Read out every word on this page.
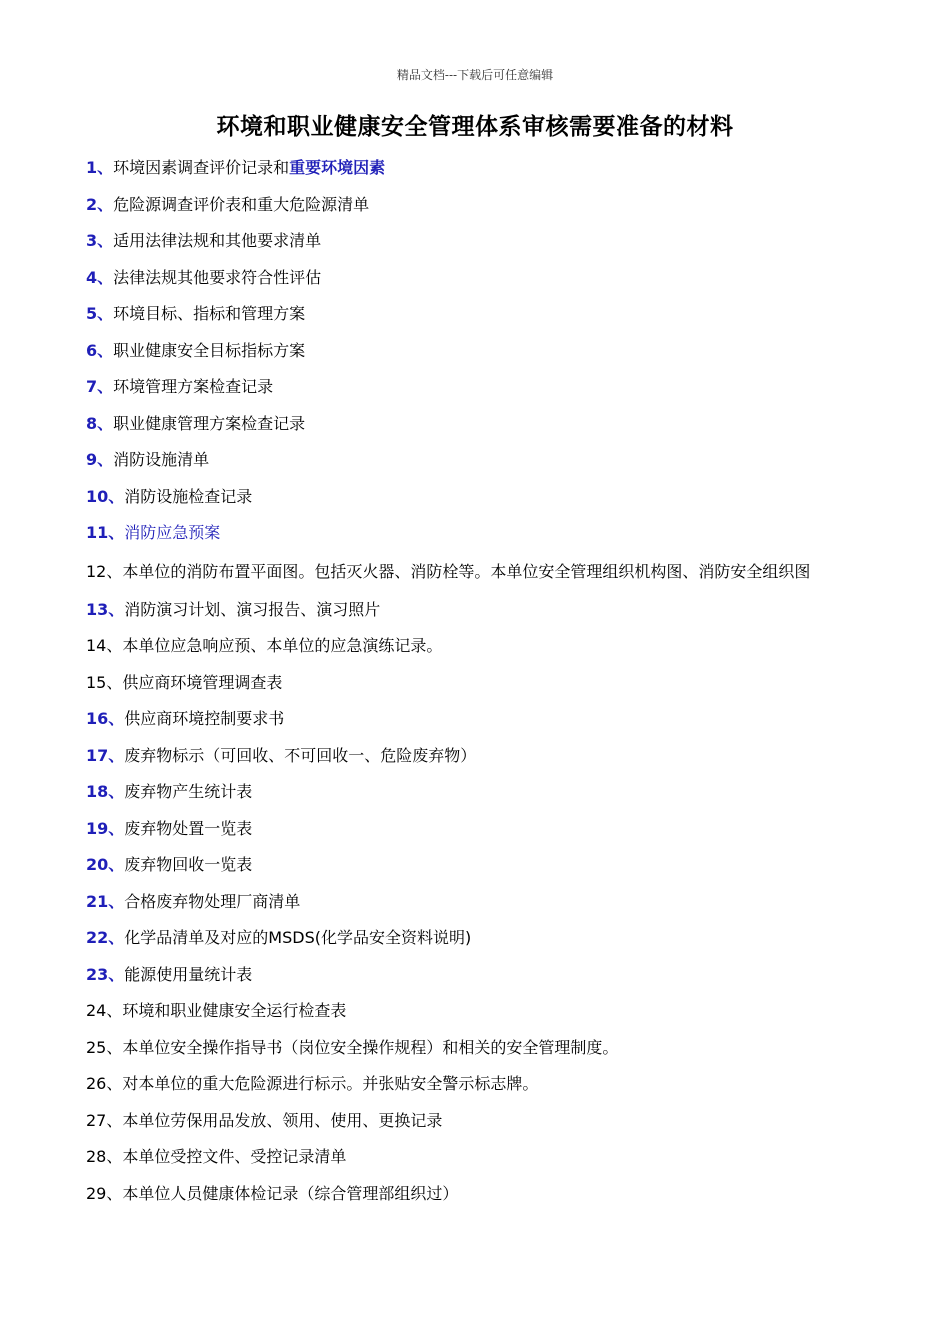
精品文档---下载后可任意编辑
环境和职业健康安全管理体系审核需要准备的材料
1、环境因素调查评价记录和重要环境因素
2、危险源调查评价表和重大危险源清单
3、适用法律法规和其他要求清单
4、法律法规其他要求符合性评估
5、环境目标、指标和管理方案
6、职业健康安全目标指标方案
7、环境管理方案检查记录
8、职业健康管理方案检查记录
9、消防设施清单
10、消防设施检查记录
11、消防应急预案
12、本单位的消防布置平面图。包括灭火器、消防栓等。本单位安全管理组织机构图、消防安全组织图
13、消防演习计划、演习报告、演习照片
14、本单位应急响应预、本单位的应急演练记录。
15、供应商环境管理调查表
16、供应商环境控制要求书
17、废弃物标示（可回收、不可回收一、危险废弃物）
18、废弃物产生统计表
19、废弃物处置一览表
20、废弃物回收一览表
21、合格废弃物处理厂商清单
22、化学品清单及对应的MSDS(化学品安全资料说明)
23、能源使用量统计表
24、环境和职业健康安全运行检查表
25、本单位安全操作指导书（岗位安全操作规程）和相关的安全管理制度。
26、对本单位的重大危险源进行标示。并张贴安全警示标志牌。
27、本单位劳保用品发放、领用、使用、更换记录
28、本单位受控文件、受控记录清单
29、本单位人员健康体检记录（综合管理部组织过）
